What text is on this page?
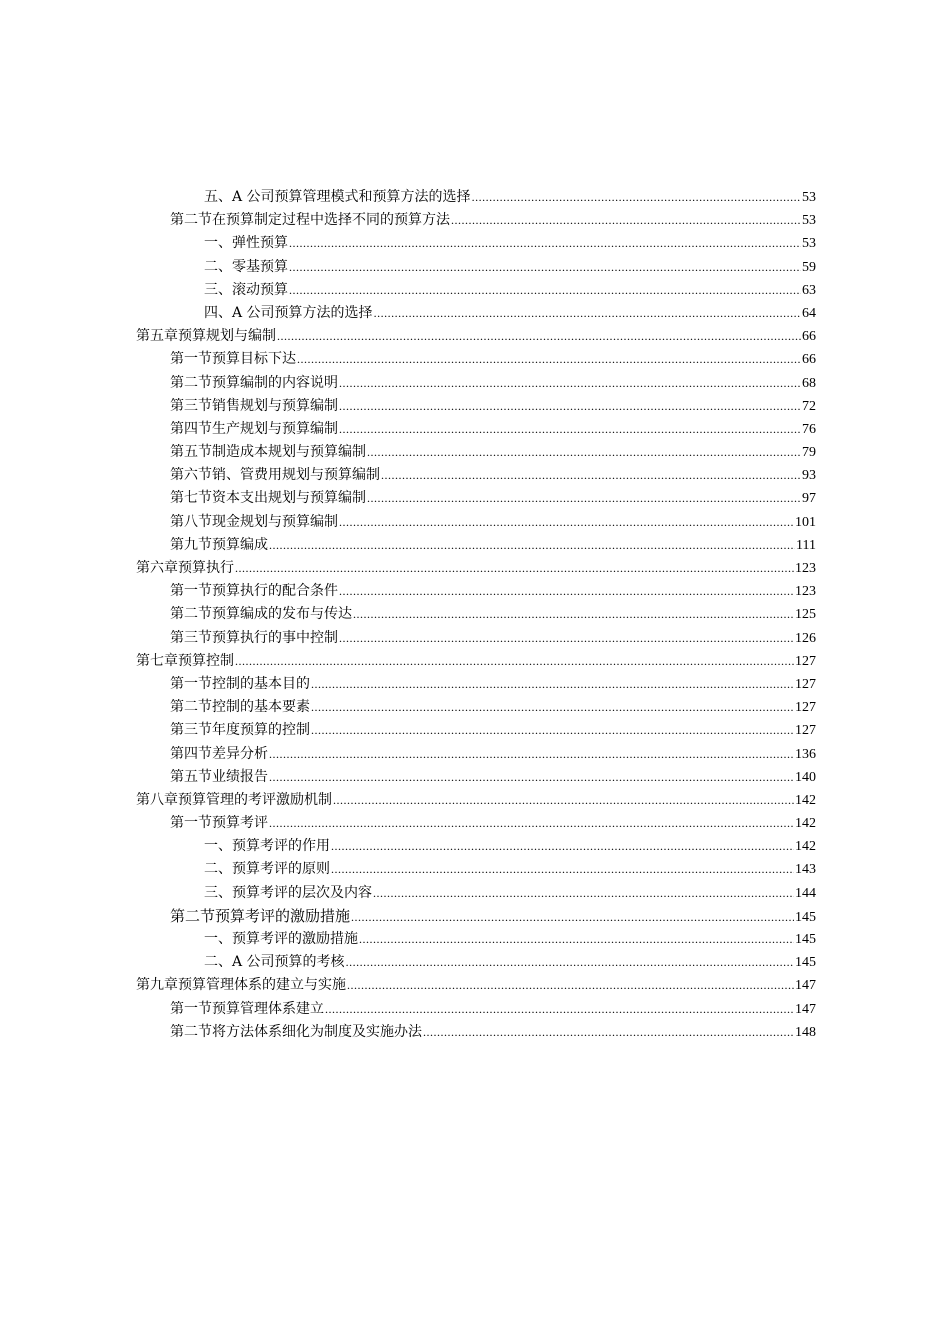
五、 A 公司预算管理模式和预算方法的选择 .....	53
第二节 在预算制定过程中选择不同的预算方法 .....	53
一、 弹性预算 .....	53
二、 零基预算 .....	59
三、 滚动预算 .....	63
四、 A 公司预算方法的选择 .....	64
第五章 预算规划与编制 .....	66
第一节 预算目标下达 .....	66
第二节 预算编制的内容说明 .....	68
第三节 销售规划与预算编制 .....	72
第四节 生产规划与预算编制 .....	76
第五节 制造成本规划与预算编制 .....	79
第六节 销、管费用规划与预算编制 .....	93
第七节 资本支出规划与预算编制 .....	97
第八节 现金规划与预算编制 .....	101
第九节 预算编成 .....	111
第六章 预算执行 .....	123
第一节 预算执行的配合条件 .....	123
第二节 预算编成的发布与传达 .....	125
第三节 预算执行的事中控制 .....	126
第七章 预算控制 .....	127
第一节 控制的基本目的 .....	127
第二节 控制的基本要素 .....	127
第三节 年度预算的控制 .....	127
第四节 差异分析 .....	136
第五节 业绩报告 .....	140
第八章 预算管理的考评激励机制 .....	142
第一节 预算考评 .....	142
一、 预算考评的作用 .....	142
二、 预算考评的原则 .....	143
三、 预算考评的层次及内容 .....	144
第二节 预算考评的激励措施 .....	145
一、 预算考评的激励措施 .....	145
二、 A 公司预算的考核 .....	145
第九章 预算管理体系的建立与实施 .....	147
第一节 预算管理体系建立 .....	147
第二节 将方法体系细化为制度及实施办法 .....	148
